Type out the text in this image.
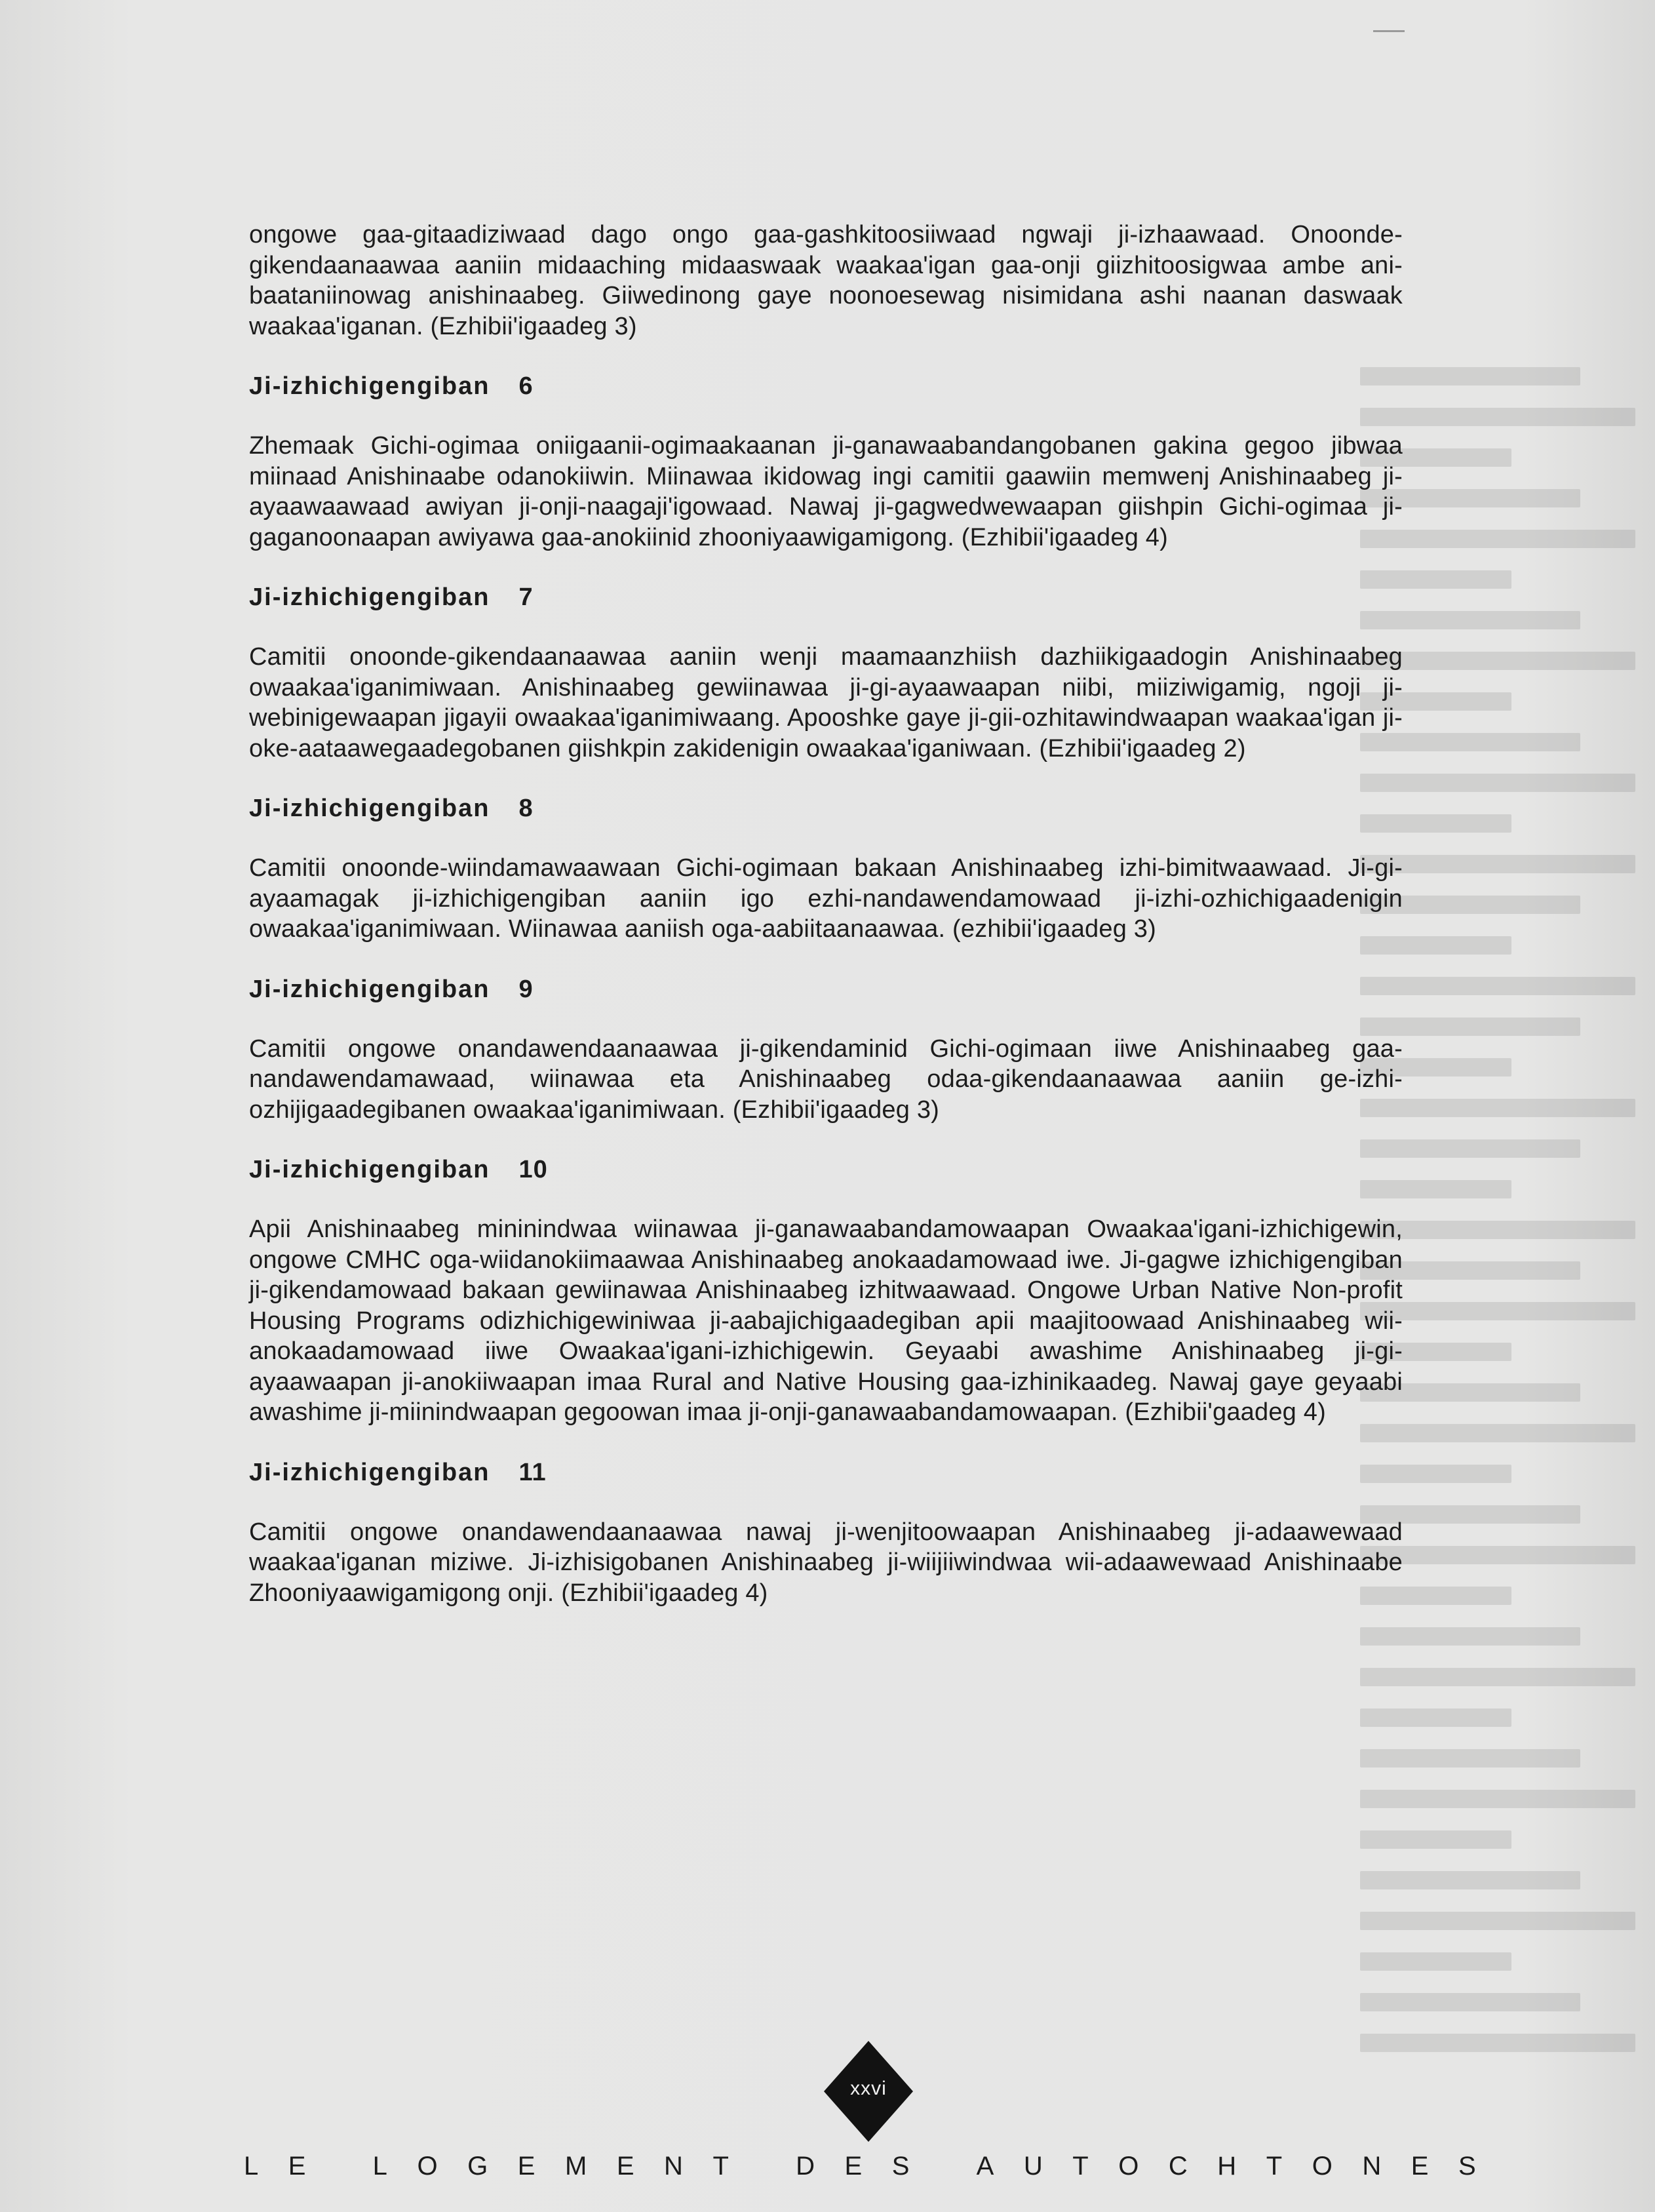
ongowe gaa-gitaadiziwaad dago ongo gaa-gashkitoosiiwaad ngwaji ji-izhaawaad. Onoonde-gikendaanaawaa aaniin midaaching midaaswaak waakaa'igan gaa-onji giizhitoosigwaa ambe ani-baataniinowag anishinaabeg. Giiwedinong gaye noonoesewag nisimidana ashi naanan daswaak waakaa'iganan. (Ezhibii'igaadeg 3)

Ji-izhichigengiban 6

Zhemaak Gichi-ogimaa oniigaanii-ogimaakaanan ji-ganawaabandangobanen gakina gegoo jibwaa miinaad Anishinaabe odanokiiwin. Miinawaa ikidowag ingi camitii gaawiin memwenj Anishinaabeg ji-ayaawaawaad awiyan ji-onji-naagaji'igowaad. Nawaj ji-gagwedwewaapan giishpin Gichi-ogimaa ji-gaganoonaapan awiyawa gaa-anokiinid zhooniyaawigamigong. (Ezhibii'igaadeg 4)

Ji-izhichigengiban 7

Camitii onoonde-gikendaanaawaa aaniin wenji maamaanzhiish dazhiikigaadogin Anishinaabeg owaakaa'iganimiwaan. Anishinaabeg gewiinawaa ji-gi-ayaawaapan niibi, miiziwigamig, ngoji ji-webinigewaapan jigayii owaakaa'iganimiwaang. Apooshke gaye ji-gii-ozhitawindwaapan waakaa'igan ji-oke-aataawegaadegobanen giishkpin zakidenigin owaakaa'iganiwaan. (Ezhibii'igaadeg 2)

Ji-izhichigengiban 8

Camitii onoonde-wiindamawaawaan Gichi-ogimaan bakaan Anishinaabeg izhi-bimitwaawaad. Ji-gi-ayaamagak ji-izhichigengiban aaniin igo ezhi-nandawendamowaad ji-izhi-ozhichigaadenigin owaakaa'iganimiwaan. Wiinawaa aaniish oga-aabiitaanaawaa. (ezhibii'igaadeg 3)

Ji-izhichigengiban 9

Camitii ongowe onandawendaanaawaa ji-gikendaminid Gichi-ogimaan iiwe Anishinaabeg gaa-nandawendamawaad, wiinawaa eta Anishinaabeg odaa-gikendaanaawaa aaniin ge-izhi-ozhijigaadegibanen owaakaa'iganimiwaan. (Ezhibii'igaadeg 3)

Ji-izhichigengiban 10

Apii Anishinaabeg mininindwaa wiinawaa ji-ganawaabandamowaapan Owaakaa'igani-izhichigewin, ongowe CMHC oga-wiidanokiimaawaa Anishinaabeg anokaadamowaad iwe. Ji-gagwe izhichigengiban ji-gikendamowaad bakaan gewiinawaa Anishinaabeg izhitwaawaad. Ongowe Urban Native Non-profit Housing Programs odizhichigewiniwaa ji-aabajichigaadegiban apii maajitoowaad Anishinaabeg wii-anokaadamowaad iiwe Owaakaa'igani-izhichigewin. Geyaabi awashime Anishinaabeg ji-gi-ayaawaapan ji-anokiiwaapan imaa Rural and Native Housing gaa-izhinikaadeg. Nawaj gaye geyaabi awashime ji-miinindwaapan gegoowan imaa ji-onji-ganawaabandamowaapan. (Ezhibii'gaadeg 4)

Ji-izhichigengiban 11

Camitii ongowe onandawendaanaawaa nawaj ji-wenjitoowaapan Anishinaabeg ji-adaawewaad waakaa'iganan miziwe. Ji-izhisigobanen Anishinaabeg ji-wiijiiwindwaa wii-adaawewaad Anishinaabe Zhooniyaawigamigong onji. (Ezhibii'igaadeg 4)

xxvi
L E
	L O G E M E N T
	D E S
	A U T O C H T O N E S
